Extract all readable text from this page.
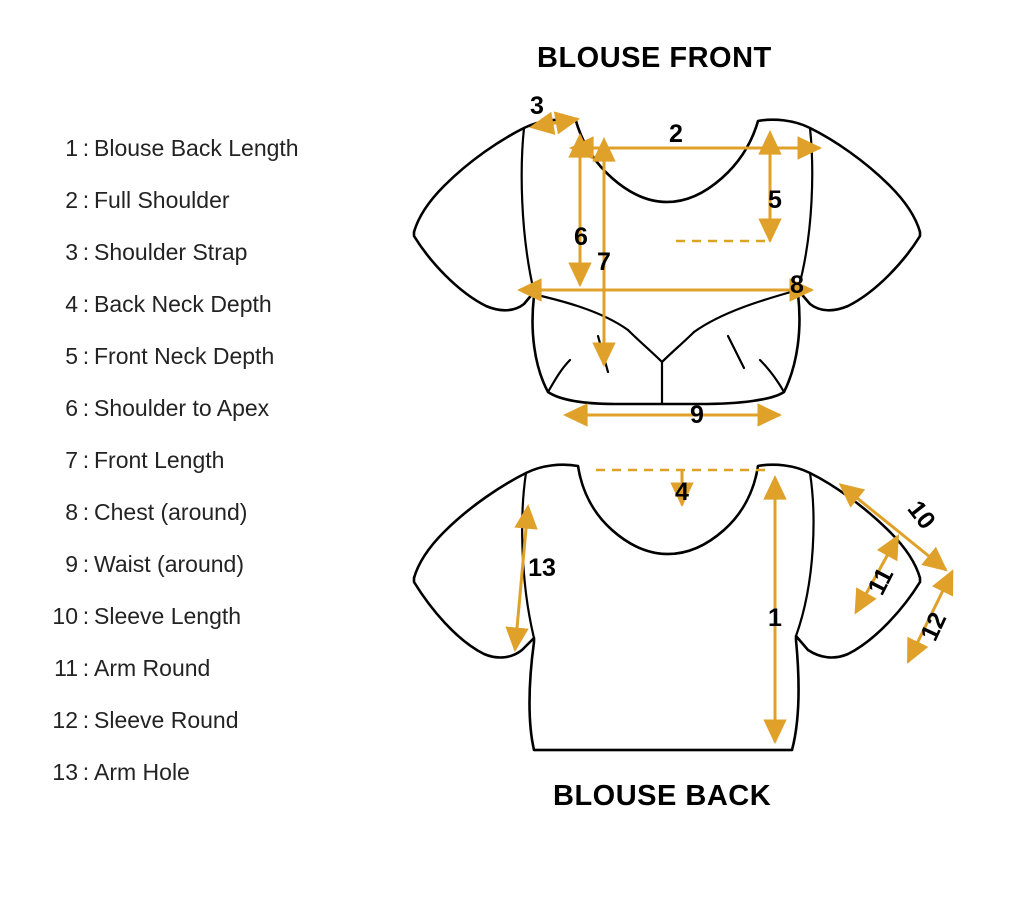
1 : Blouse Back Length
2 : Full Shoulder
3 : Shoulder Strap
4 : Back Neck Depth
5 : Front Neck Depth
6 : Shoulder to Apex
7 : Front Length
8 : Chest (around)
9 : Waist (around)
10 : Sleeve Length
11 : Arm Round
12 : Sleeve Round
13 : Arm Hole
BLOUSE FRONT
BLOUSE BACK
3
2
5
6
7
8
9
4
13
1
10
11
12
